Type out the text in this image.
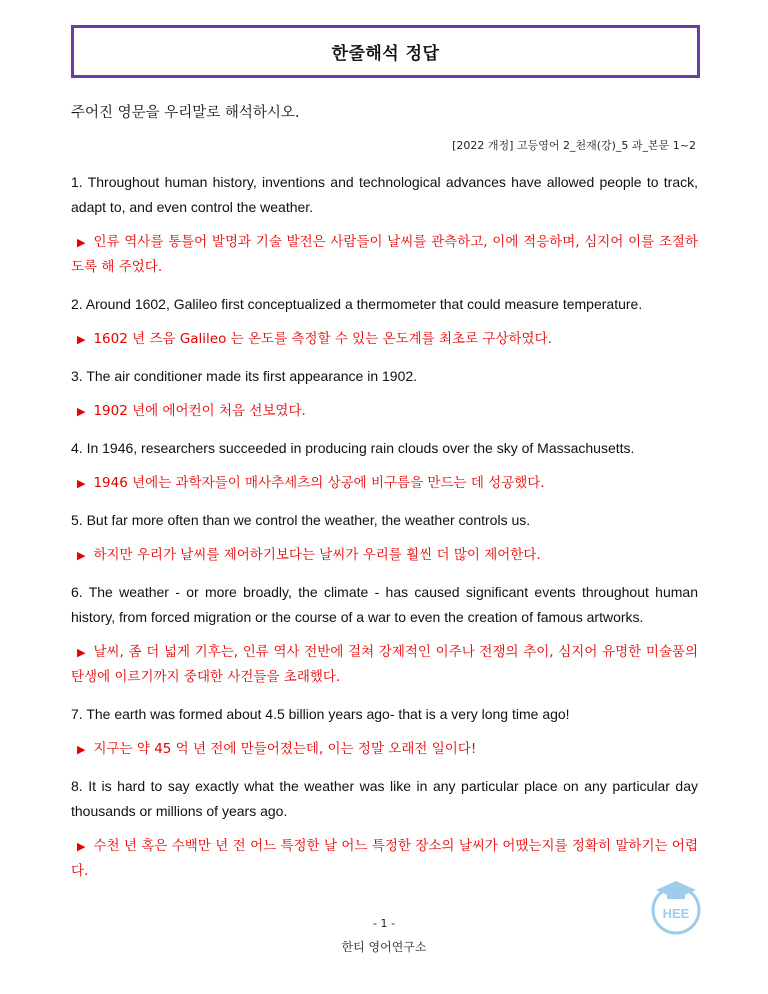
한줄해석 정답
주어진 영문을 우리말로 해석하시오.
[2022 개정] 고등영어 2_천재(강)_5 과_본문 1~2

1. Throughout human history, inventions and technological advances have allowed people to track, adapt to, and even control the weather.

▶ 인류 역사를 통틀어 발명과 기술 발전은 사람들이 날씨를 관측하고, 이에 적응하며, 심지어 이를 조절하도록 해 주었다.

2. Around 1602, Galileo first conceptualized a thermometer that could measure temperature.

▶ 1602 년 즈음 Galileo 는 온도를 측정할 수 있는 온도계를 최초로 구상하였다.

3. The air conditioner made its first appearance in 1902.

▶ 1902 년에 에어컨이 처음 선보였다.

4. In 1946, researchers succeeded in producing rain clouds over the sky of Massachusetts.

▶ 1946 년에는 과학자들이 매사추세츠의 상공에 비구름을 만드는 데 성공했다.

5. But far more often than we control the weather, the weather controls us.

▶ 하지만 우리가 날씨를 제어하기보다는 날씨가 우리를 훨씬 더 많이 제어한다.

6. The weather - or more broadly, the climate - has caused significant events throughout human history, from forced migration or the course of a war to even the creation of famous artworks.

▶ 날씨, 좀 더 넓게 기후는, 인류 역사 전반에 걸쳐 강제적인 이주나 전쟁의 추이, 심지어 유명한 미술품의 탄생에 이르기까지 중대한 사건들을 초래했다.

7. The earth was formed about 4.5 billion years ago- that is a very long time ago!

▶ 지구는 약 45 억 년 전에 만들어졌는데, 이는 정말 오래전 일이다!

8. It is hard to say exactly what the weather was like in any particular place on any particular day thousands or millions of years ago.

▶ 수천 년 혹은 수백만 년 전 어느 특정한 날 어느 특정한 장소의 날씨가 어땠는지를 정확히 말하기는 어렵다.

HEE
- 1 -
한티 영어연구소
